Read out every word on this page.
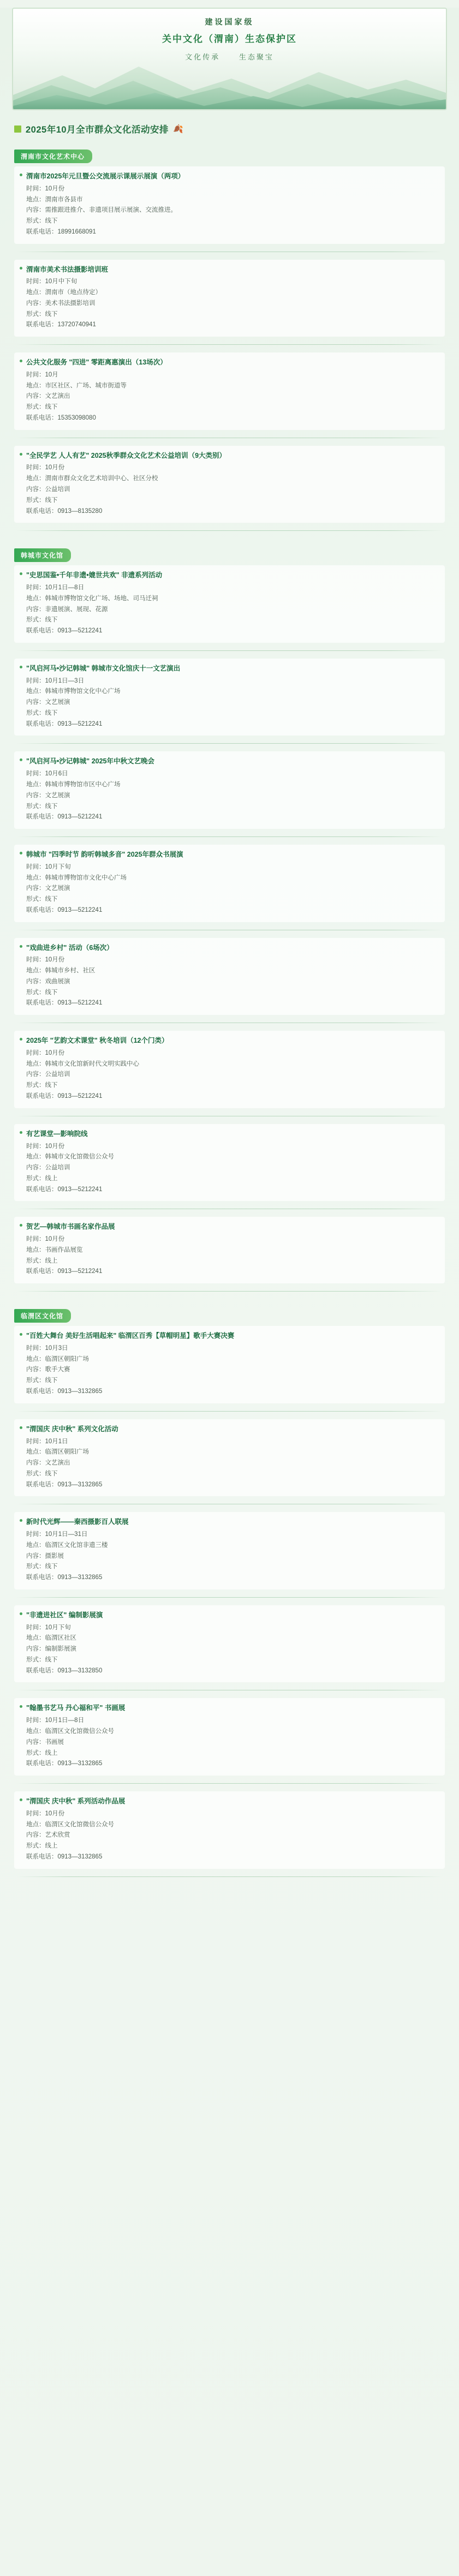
建设国家级
关中文化（渭南）生态保护区
文化传承	生态聚宝
2025年10月全市群众文化活动安排 🍂
渭南市文化艺术中心
渭南市2025年元旦暨公交流展示课展示展演（两项）
时间：10月份
地点：渭南市各县市
内容：需推跟进推介、非遗项目展示展演、交流推进。
形式：线下
联系电话：18991668091
渭南市美术书法摄影培训班
时间：10月中下旬
地点：渭南市（地点待定）
内容：美术书法摄影培训
形式：线下
联系电话：13720740941
公共文化服务 "四进" 零距离惠演出（13场次）
时间：10月
地点：市区社区、广场、城市街道等
内容：文艺演出
形式：线下
联系电话：15353098080
"全民学艺 人人有艺" 2025秋季群众文化艺术公益培训（9大类别）
时间：10月份
地点：渭南市群众文化艺术培训中心、社区分校
内容：公益培训
形式：线下
联系电话：0913—8135280
韩城市文化馆
"史思国鉴•千年非遗•媲世共欢" 非遗系列活动
时间：10月1日—8日
地点：韩城市博物馆文化广场、场地、司马迁祠
内容：非遗展演、展现、花源
形式：线下
联系电话：0913—5212241
"风启河马•沙记韩城" 韩城市文化馆庆十一文艺演出
时间：10月1日—3日
地点：韩城市博物馆文化中心广场
内容：文艺展演
形式：线下
联系电话：0913—5212241
"风启河马•沙记韩城" 2025年中秋文艺晚会
时间：10月6日
地点：韩城市博物馆市区中心广场
内容：文艺展演
形式：线下
联系电话：0913—5212241
韩城市 "四季时节 韵听韩城多音" 2025年群众书展演
时间：10月下旬
地点：韩城市博物馆市文化中心广场
内容：文艺展演
形式：线下
联系电话：0913—5212241
"戏曲进乡村" 活动（6场次）
时间：10月份
地点：韩城市乡村、社区
内容：戏曲展演
形式：线下
联系电话：0913—5212241
2025年 "艺韵文术课堂" 秋冬培训（12个门类）
时间：10月份
地点：韩城市文化馆新时代文明实践中心
内容：公益培训
形式：线下
联系电话：0913—5212241
有艺课堂—影响院线
时间：10月份
地点：韩城市文化馆微信公众号
内容：公益培训
形式：线上
联系电话：0913—5212241
贺艺—韩城市书画名家作品展
时间：10月份
地点：书画作品展览
形式：线上
联系电话：0913—5212241
临渭区文化馆
"百姓大舞台 美好生活唱起来" 临渭区百秀【草帽明星】歌手大赛决赛
时间：10月3日
地点：临渭区朝阳广场
内容：歌手大赛
形式：线下
联系电话：0913—3132865
"渭国庆 庆中秋" 系列文化活动
时间：10月1日
地点：临渭区朝阳广场
内容：文艺演出
形式：线下
联系电话：0913—3132865
新时代光辉——秦西摄影百人联展
时间：10月1日—31日
地点：临渭区文化馆非遗三楼
内容：摄影展
形式：线下
联系电话：0913—3132865
"非遗进社区" 编制影展演
时间：10月下旬
地点：临渭区社区
内容：编制影展演
形式：线下
联系电话：0913—3132850
"翰墨书艺马 丹心福和平" 书画展
时间：10月1日—8日
地点：临渭区文化馆微信公众号
内容：书画展
形式：线上
联系电话：0913—3132865
"渭国庆 庆中秋" 系列活动作品展
时间：10月份
地点：临渭区文化馆微信公众号
内容：艺术欣赏
形式：线上
联系电话：0913—3132865
